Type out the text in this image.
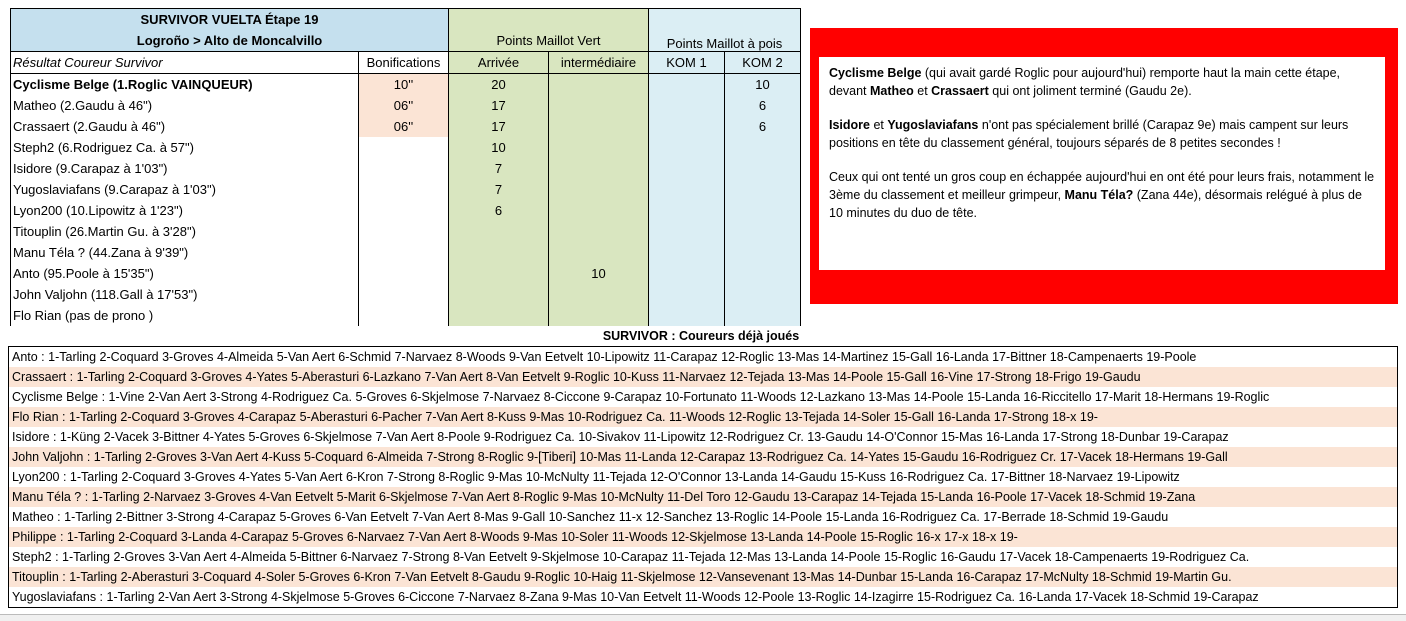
SURVIVOR VUELTA Étape 19					
Logroño > Alto de Moncalvillo		Points Maillot Vert		Points Maillot à pois	
Résultat Coureur Survivor	Bonifications	Arrivée	intermédiaire	KOM 1	KOM 2
Cyclisme Belge (1.Roglic VAINQUEUR)	10''	20			10
Matheo (2.Gaudu à 46")	06''	17			6
Crassaert (2.Gaudu à 46")	06''	17			6
Steph2 (6.Rodriguez Ca. à 57")		10			
Isidore (9.Carapaz à 1'03")		7			
Yugoslaviafans (9.Carapaz à 1'03")		7			
Lyon200 (10.Lipowitz à 1'23")		6			
Titouplin (26.Martin Gu. à 3'28")					
Manu Téla ? (44.Zana à 9'39")					
Anto (95.Poole à 15'35")			10		
John Valjohn (118.Gall à 17'53")					
Flo Rian (pas de prono )					

Cyclisme Belge (qui avait gardé Roglic pour aujourd'hui) remporte haut la main cette étape, devant Matheo et Crassaert qui ont joliment terminé (Gaudu 2e).

Isidore et Yugoslaviafans n'ont pas spécialement brillé (Carapaz 9e) mais campent sur leurs positions en tête du classement général, toujours séparés de 8 petites secondes !

Ceux qui ont tenté un gros coup en échappée aujourd'hui en ont été pour leurs frais, notamment le 3ème du classement et meilleur grimpeur, Manu Téla? (Zana 44e), désormais relégué à plus de 10 minutes du duo de tête.

SURVIVOR : Coureurs déjà joués
Anto : 1-Tarling 2-Coquard 3-Groves 4-Almeida 5-Van Aert 6-Schmid 7-Narvaez 8-Woods 9-Van Eetvelt 10-Lipowitz 11-Carapaz 12-Roglic 13-Mas 14-Martinez 15-Gall 16-Landa 17-Bittner 18-Campenaerts 19-Poole
Crassaert : 1-Tarling 2-Coquard 3-Groves 4-Yates 5-Aberasturi 6-Lazkano 7-Van Aert 8-Van Eetvelt 9-Roglic 10-Kuss 11-Narvaez 12-Tejada 13-Mas 14-Poole 15-Gall 16-Vine 17-Strong 18-Frigo 19-Gaudu
Cyclisme Belge : 1-Vine 2-Van Aert 3-Strong 4-Rodriguez Ca. 5-Groves 6-Skjelmose 7-Narvaez 8-Ciccone 9-Carapaz 10-Fortunato 11-Woods 12-Lazkano 13-Mas 14-Poole 15-Landa 16-Riccitello 17-Marit 18-Hermans 19-Roglic
Flo Rian : 1-Tarling 2-Coquard 3-Groves 4-Carapaz 5-Aberasturi 6-Pacher 7-Van Aert 8-Kuss 9-Mas 10-Rodriguez Ca. 11-Woods 12-Roglic 13-Tejada 14-Soler 15-Gall 16-Landa 17-Strong 18-x 19-
Isidore : 1-Küng 2-Vacek 3-Bittner 4-Yates 5-Groves 6-Skjelmose 7-Van Aert 8-Poole 9-Rodriguez Ca. 10-Sivakov 11-Lipowitz 12-Rodriguez Cr. 13-Gaudu 14-O'Connor 15-Mas 16-Landa 17-Strong 18-Dunbar 19-Carapaz
John Valjohn : 1-Tarling 2-Groves 3-Van Aert 4-Kuss 5-Coquard 6-Almeida 7-Strong 8-Roglic 9-[Tiberi] 10-Mas 11-Landa 12-Carapaz 13-Rodriguez Ca. 14-Yates 15-Gaudu 16-Rodriguez Cr. 17-Vacek 18-Hermans 19-Gall
Lyon200 : 1-Tarling 2-Coquard 3-Groves 4-Yates 5-Van Aert 6-Kron 7-Strong 8-Roglic 9-Mas 10-McNulty 11-Tejada 12-O'Connor 13-Landa 14-Gaudu 15-Kuss 16-Rodriguez Ca. 17-Bittner 18-Narvaez 19-Lipowitz
Manu Téla ? : 1-Tarling 2-Narvaez 3-Groves 4-Van Eetvelt 5-Marit 6-Skjelmose 7-Van Aert 8-Roglic 9-Mas 10-McNulty 11-Del Toro 12-Gaudu 13-Carapaz 14-Tejada 15-Landa 16-Poole 17-Vacek 18-Schmid 19-Zana
Matheo : 1-Tarling 2-Bittner 3-Strong 4-Carapaz 5-Groves 6-Van Eetvelt 7-Van Aert 8-Mas 9-Gall 10-Sanchez 11-x 12-Sanchez 13-Roglic 14-Poole 15-Landa 16-Rodriguez Ca. 17-Berrade 18-Schmid 19-Gaudu
Philippe : 1-Tarling 2-Coquard 3-Landa 4-Carapaz 5-Groves 6-Narvaez 7-Van Aert 8-Woods 9-Mas 10-Soler 11-Woods 12-Skjelmose 13-Landa 14-Poole 15-Roglic 16-x 17-x 18-x 19-
Steph2 : 1-Tarling 2-Groves 3-Van Aert 4-Almeida 5-Bittner 6-Narvaez 7-Strong 8-Van Eetvelt 9-Skjelmose 10-Carapaz 11-Tejada 12-Mas 13-Landa 14-Poole 15-Roglic 16-Gaudu 17-Vacek 18-Campenaerts 19-Rodriguez Ca.
Titouplin : 1-Tarling 2-Aberasturi 3-Coquard 4-Soler 5-Groves 6-Kron 7-Van Eetvelt 8-Gaudu 9-Roglic 10-Haig 11-Skjelmose 12-Vansevenant 13-Mas 14-Dunbar 15-Landa 16-Carapaz 17-McNulty 18-Schmid 19-Martin Gu.
Yugoslaviafans : 1-Tarling 2-Van Aert 3-Strong 4-Skjelmose 5-Groves 6-Ciccone 7-Narvaez 8-Zana 9-Mas 10-Van Eetvelt 11-Woods 12-Poole 13-Roglic 14-Izagirre 15-Rodriguez Ca. 16-Landa 17-Vacek 18-Schmid 19-Carapaz
